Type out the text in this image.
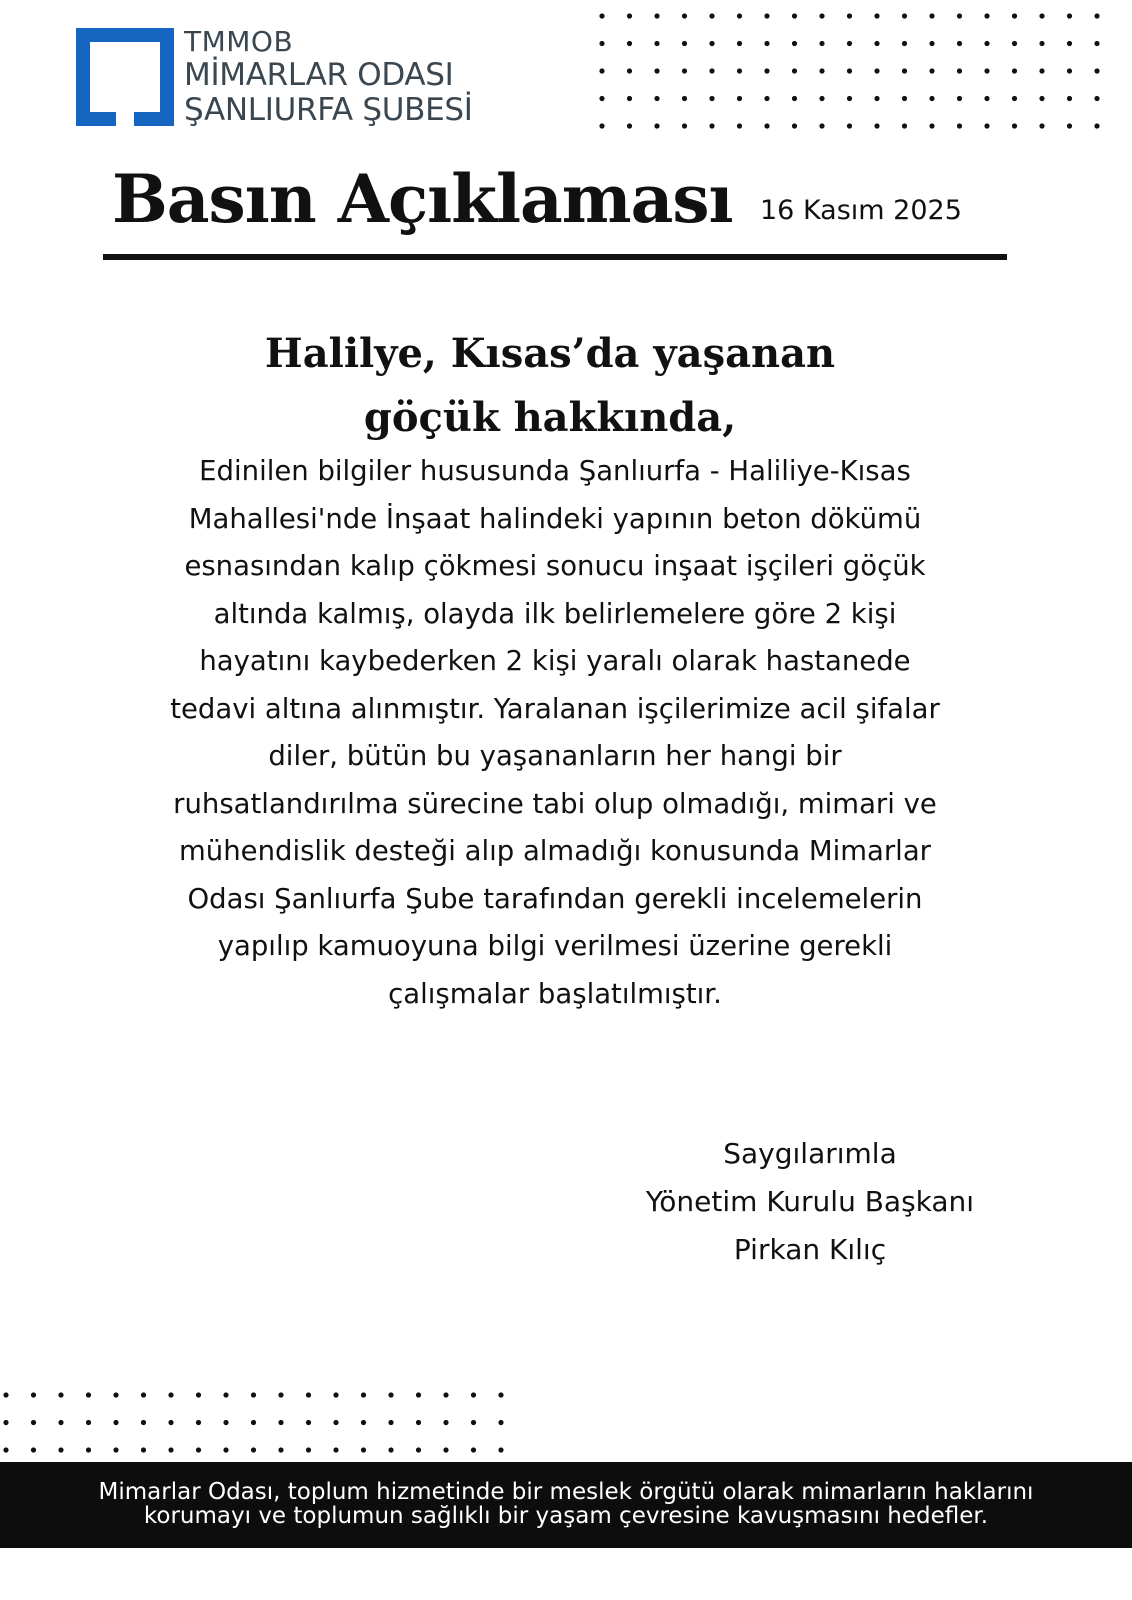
TMMOB
MİMARLAR ODASI
ŞANLIURFA ŞUBESİ
Basın Açıklaması 16 Kasım 2025
Halilye, Kısas’da yaşanan
göçük hakkında,
Edinilen bilgiler hususunda Şanlıurfa - Haliliye-Kısas
Mahallesi'nde İnşaat halindeki yapının beton dökümü
esnasından kalıp çökmesi sonucu inşaat işçileri göçük
altında kalmış, olayda ilk belirlemelere göre 2 kişi
hayatını kaybederken 2 kişi yaralı olarak hastanede
tedavi altına alınmıştır. Yaralanan işçilerimize acil şifalar
diler, bütün bu yaşananların her hangi bir
ruhsatlandırılma sürecine tabi olup olmadığı, mimari ve
mühendislik desteği alıp almadığı konusunda Mimarlar
Odası Şanlıurfa Şube tarafından gerekli incelemelerin
yapılıp kamuoyuna bilgi verilmesi üzerine gerekli
çalışmalar başlatılmıştır.
Saygılarımla
Yönetim Kurulu Başkanı
Pirkan Kılıç
Mimarlar Odası, toplum hizmetinde bir meslek örgütü olarak mimarların haklarını
korumayı ve toplumun sağlıklı bir yaşam çevresine kavuşmasını hedefler.
